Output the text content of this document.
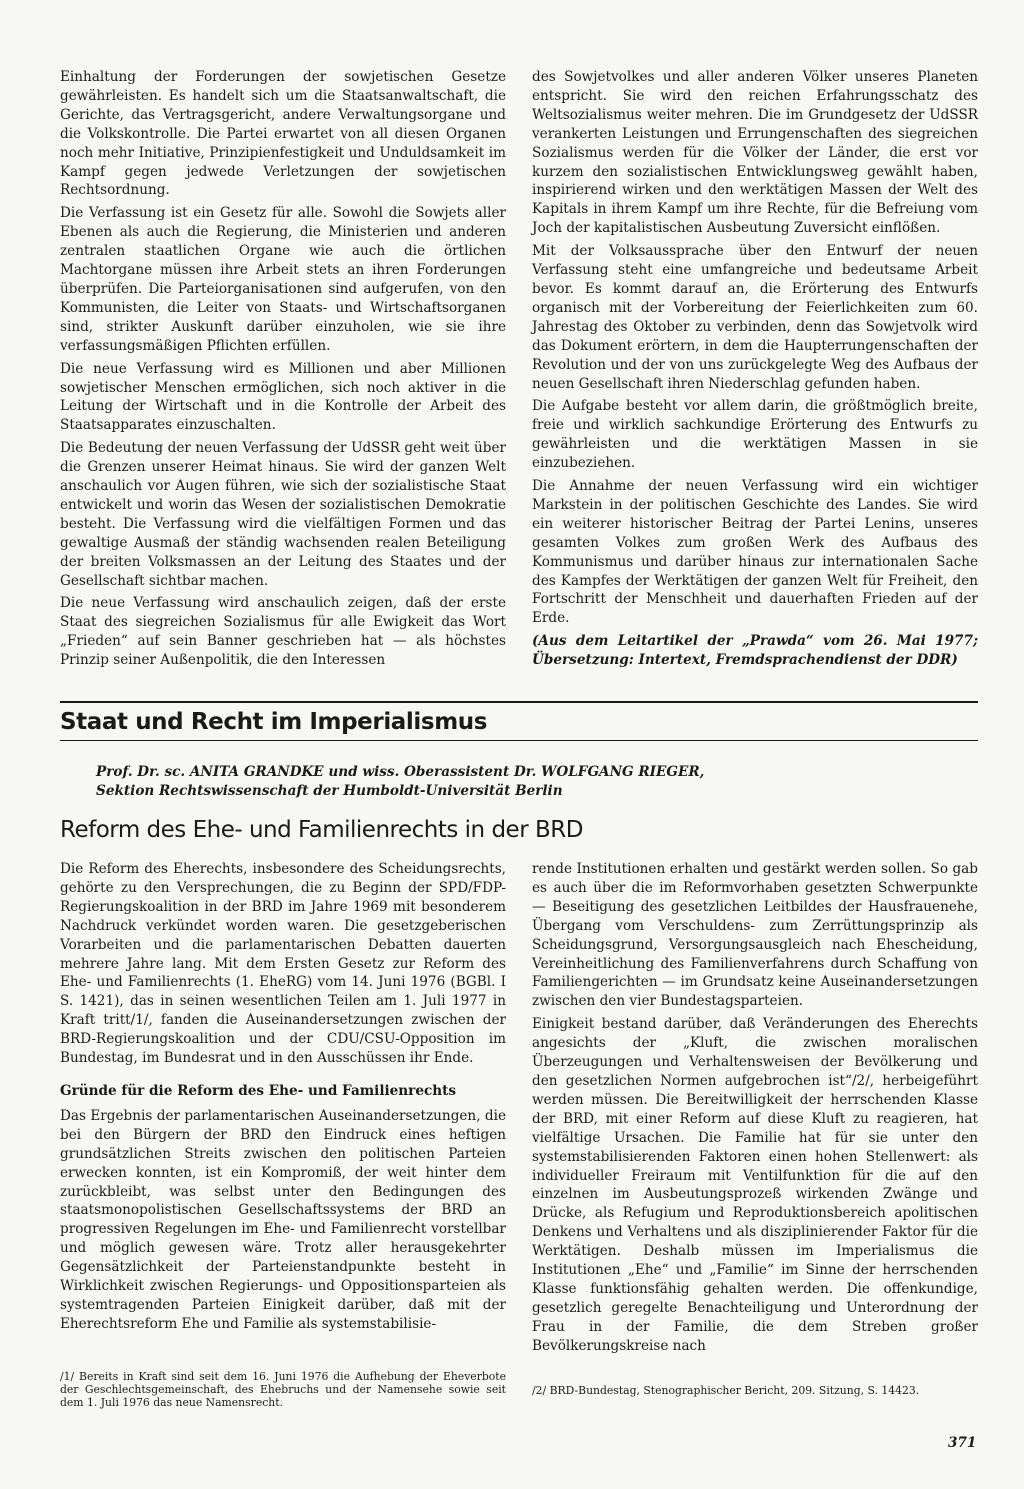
Einhaltung der Forderungen der sowjetischen Gesetze gewährleisten. Es handelt sich um die Staatsanwaltschaft, die Gerichte, das Vertragsgericht, andere Verwaltungsorgane und die Volkskontrolle. Die Partei erwartet von all diesen Organen noch mehr Initiative, Prinzipienfestigkeit und Unduldsamkeit im Kampf gegen jedwede Verletzungen der sowjetischen Rechtsordnung.

Die Verfassung ist ein Gesetz für alle. Sowohl die Sowjets aller Ebenen als auch die Regierung, die Ministerien und anderen zentralen staatlichen Organe wie auch die örtlichen Machtorgane müssen ihre Arbeit stets an ihren Forderungen überprüfen. Die Parteiorganisationen sind aufgerufen, von den Kommunisten, die Leiter von Staats- und Wirtschaftsorganen sind, strikter Auskunft darüber einzuholen, wie sie ihre verfassungsmäßigen Pflichten erfüllen.

Die neue Verfassung wird es Millionen und aber Millionen sowjetischer Menschen ermöglichen, sich noch aktiver in die Leitung der Wirtschaft und in die Kontrolle der Arbeit des Staatsapparates einzuschalten.

Die Bedeutung der neuen Verfassung der UdSSR geht weit über die Grenzen unserer Heimat hinaus. Sie wird der ganzen Welt anschaulich vor Augen führen, wie sich der sozialistische Staat entwickelt und worin das Wesen der sozialistischen Demokratie besteht. Die Verfassung wird die vielfältigen Formen und das gewaltige Ausmaß der ständig wachsenden realen Beteiligung der breiten Volksmassen an der Leitung des Staates und der Gesellschaft sichtbar machen.

Die neue Verfassung wird anschaulich zeigen, daß der erste Staat des siegreichen Sozialismus für alle Ewigkeit das Wort „Frieden“ auf sein Banner geschrieben hat — als höchstes Prinzip seiner Außenpolitik, die den Interessen

des Sowjetvolkes und aller anderen Völker unseres Planeten entspricht. Sie wird den reichen Erfahrungsschatz des Weltsozialismus weiter mehren. Die im Grundgesetz der UdSSR verankerten Leistungen und Errungenschaften des siegreichen Sozialismus werden für die Völker der Länder, die erst vor kurzem den sozialistischen Entwicklungsweg gewählt haben, inspirierend wirken und den werktätigen Massen der Welt des Kapitals in ihrem Kampf um ihre Rechte, für die Befreiung vom Joch der kapitalistischen Ausbeutung Zuversicht einflößen.

Mit der Volksaussprache über den Entwurf der neuen Verfassung steht eine umfangreiche und bedeutsame Arbeit bevor. Es kommt darauf an, die Erörterung des Entwurfs organisch mit der Vorbereitung der Feierlichkeiten zum 60. Jahrestag des Oktober zu verbinden, denn das Sowjetvolk wird das Dokument erörtern, in dem die Haupterrungenschaften der Revolution und der von uns zurückgelegte Weg des Aufbaus der neuen Gesellschaft ihren Niederschlag gefunden haben.

Die Aufgabe besteht vor allem darin, die größtmöglich breite, freie und wirklich sachkundige Erörterung des Entwurfs zu gewährleisten und die werktätigen Massen in sie einzubeziehen.

Die Annahme der neuen Verfassung wird ein wichtiger Markstein in der politischen Geschichte des Landes. Sie wird ein weiterer historischer Beitrag der Partei Lenins, unseres gesamten Volkes zum großen Werk des Aufbaus des Kommunismus und darüber hinaus zur internationalen Sache des Kampfes der Werktätigen der ganzen Welt für Freiheit, den Fortschritt der Menschheit und dauerhaften Frieden auf der Erde.

(Aus dem Leitartikel der „Prawda“ vom 26. Mai 1977; Übersetzung: Intertext, Fremdsprachendienst der DDR)

Staat und Recht im Imperialismus

Prof. Dr. sc. ANITA GRANDKE und wiss. Oberassistent Dr. WOLFGANG RIEGER,
Sektion Rechtswissenschaft der Humboldt-Universität Berlin

Reform des Ehe- und Familienrechts in der BRD

Die Reform des Eherechts, insbesondere des Scheidungsrechts, gehörte zu den Versprechungen, die zu Beginn der SPD/FDP-Regierungskoalition in der BRD im Jahre 1969 mit besonderem Nachdruck verkündet worden waren. Die gesetzgeberischen Vorarbeiten und die parlamentarischen Debatten dauerten mehrere Jahre lang. Mit dem Ersten Gesetz zur Reform des Ehe- und Familienrechts (1. EheRG) vom 14. Juni 1976 (BGBl. I S. 1421), das in seinen wesentlichen Teilen am 1. Juli 1977 in Kraft tritt/1/, fanden die Auseinandersetzungen zwischen der BRD-Regierungskoalition und der CDU/CSU-Opposition im Bundestag, im Bundesrat und in den Ausschüssen ihr Ende.

Gründe für die Reform des Ehe- und Familienrechts

Das Ergebnis der parlamentarischen Auseinandersetzungen, die bei den Bürgern der BRD den Eindruck eines heftigen grundsätzlichen Streits zwischen den politischen Parteien erwecken konnten, ist ein Kompromiß, der weit hinter dem zurückbleibt, was selbst unter den Bedingungen des staatsmonopolistischen Gesellschaftssystems der BRD an progressiven Regelungen im Ehe- und Familienrecht vorstellbar und möglich gewesen wäre. Trotz aller herausgekehrter Gegensätzlichkeit der Parteienstandpunkte besteht in Wirklichkeit zwischen Regierungs- und Oppositionsparteien als systemtragenden Parteien Einigkeit darüber, daß mit der Eherechtsreform Ehe und Familie als systemstabilisie-

rende Institutionen erhalten und gestärkt werden sollen. So gab es auch über die im Reformvorhaben gesetzten Schwerpunkte — Beseitigung des gesetzlichen Leitbildes der Hausfrauenehe, Übergang vom Verschuldens- zum Zerrüttungsprinzip als Scheidungsgrund, Versorgungsausgleich nach Ehescheidung, Vereinheitlichung des Familienverfahrens durch Schaffung von Familiengerichten — im Grundsatz keine Auseinandersetzungen zwischen den vier Bundestagsparteien.

Einigkeit bestand darüber, daß Veränderungen des Eherechts angesichts der „Kluft, die zwischen moralischen Überzeugungen und Verhaltensweisen der Bevölkerung und den gesetzlichen Normen aufgebrochen ist“/2/, herbeigeführt werden müssen. Die Bereitwilligkeit der herrschenden Klasse der BRD, mit einer Reform auf diese Kluft zu reagieren, hat vielfältige Ursachen. Die Familie hat für sie unter den systemstabilisierenden Faktoren einen hohen Stellenwert: als individueller Freiraum mit Ventilfunktion für die auf den einzelnen im Ausbeutungsprozeß wirkenden Zwänge und Drücke, als Refugium und Reproduktionsbereich apolitischen Denkens und Verhaltens und als disziplinierender Faktor für die Werktätigen. Deshalb müssen im Imperialismus die Institutionen „Ehe“ und „Familie“ im Sinne der herrschenden Klasse funktionsfähig gehalten werden. Die offenkundige, gesetzlich geregelte Benachteiligung und Unterordnung der Frau in der Familie, die dem Streben großer Bevölkerungskreise nach

/1/ Bereits in Kraft sind seit dem 16. Juni 1976 die Aufhebung der Eheverbote der Geschlechtsgemeinschaft, des Ehebruchs und der Namensehe sowie seit dem 1. Juli 1976 das neue Namensrecht.

/2/ BRD-Bundestag, Stenographischer Bericht, 209. Sitzung, S. 14423.

371
